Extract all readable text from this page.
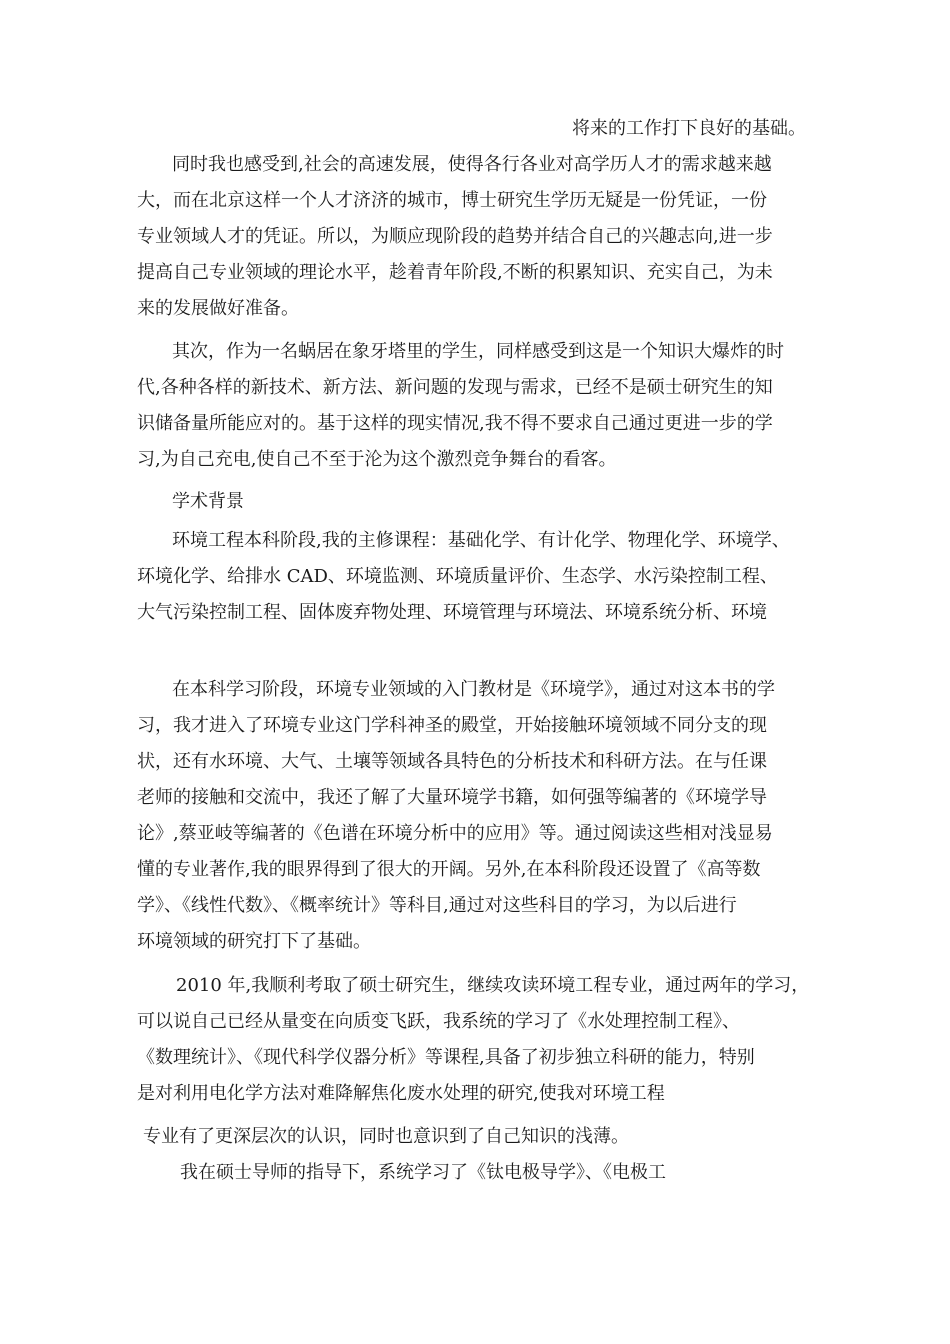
将来的工作打下良好的基础。

同时我也感受到,社会的高速发展，使得各行各业对高学历人才的需求越来越

大，而在北京这样一个人才济济的城市，博士研究生学历无疑是一份凭证，一份

专业领域人才的凭证。所以，为顺应现阶段的趋势并结合自己的兴趣志向,进一步

提高自己专业领域的理论水平，趁着青年阶段,不断的积累知识、充实自己，为未

来的发展做好准备。

其次，作为一名蜗居在象牙塔里的学生，同样感受到这是一个知识大爆炸的时

代,各种各样的新技术、新方法、新问题的发现与需求，已经不是硕士研究生的知

识储备量所能应对的。基于这样的现实情况,我不得不要求自己通过更进一步的学

习,为自己充电,使自己不至于沦为这个激烈竞争舞台的看客。

学术背景

环境工程本科阶段,我的主修课程：基础化学、有计化学、物理化学、环境学、

环境化学、给排水 CAD、环境监测、环境质量评价、生态学、水污染控制工程、

大气污染控制工程、固体废弃物处理、环境管理与环境法、环境系统分析、环境

在本科学习阶段，环境专业领域的入门教材是《环境学》，通过对这本书的学

习，我才进入了环境专业这门学科神圣的殿堂，开始接触环境领域不同分支的现

状，还有水环境、大气、土壤等领域各具特色的分析技术和科研方法。在与任课

老师的接触和交流中，我还了解了大量环境学书籍，如何强等编著的《环境学导

论》,蔡亚岐等编著的《色谱在环境分析中的应用》等。通过阅读这些相对浅显易

懂的专业著作,我的眼界得到了很大的开阔。另外,在本科阶段还设置了《高等数

学》、《线性代数》、《概率统计》等科目,通过对这些科目的学习，为以后进行

环境领域的研究打下了基础。

2010 年,我顺利考取了硕士研究生，继续攻读环境工程专业，通过两年的学习，

可以说自己已经从量变在向质变飞跃，我系统的学习了《水处理控制工程》、

《数理统计》、《现代科学仪器分析》等课程,具备了初步独立科研的能力，特别

是对利用电化学方法对难降解焦化废水处理的研究,使我对环境工程

专业有了更深层次的认识，同时也意识到了自己知识的浅薄。

我在硕士导师的指导下，系统学习了《钛电极导学》、《电极工
